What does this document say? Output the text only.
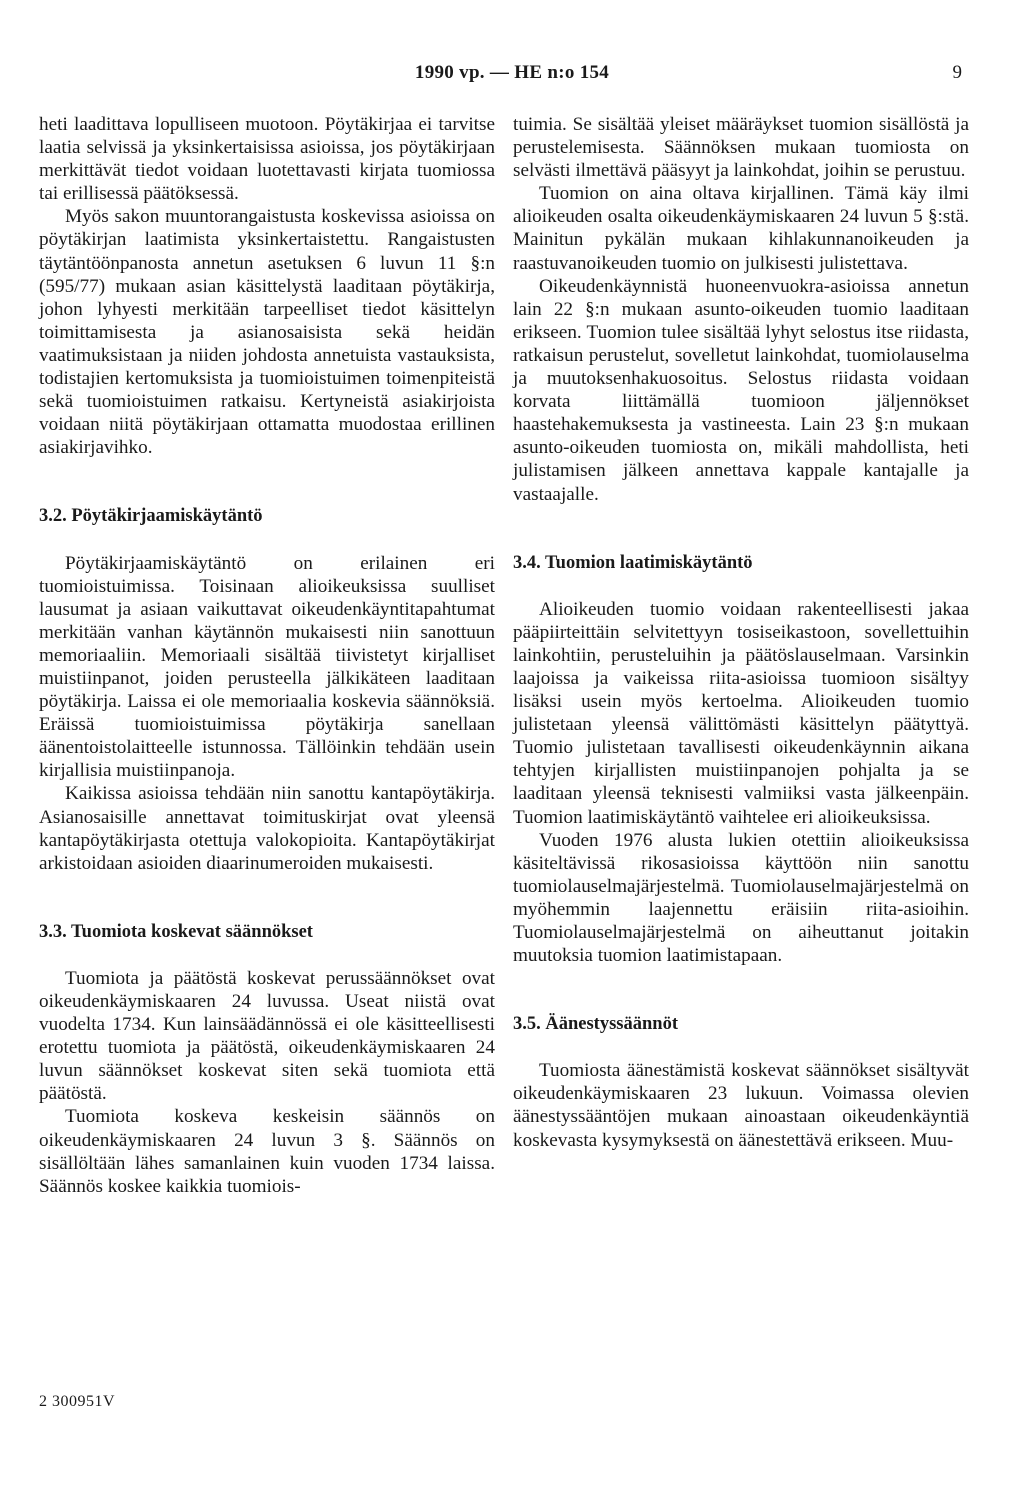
1990 vp. — HE n:o 154	9

heti laadittava lopulliseen muotoon. Pöytäkirjaa ei tarvitse laatia selvissä ja yksinkertaisissa asioissa, jos pöytäkirjaan merkittävät tiedot voidaan luotettavasti kirjata tuomiossa tai erillisessä päätöksessä.

Myös sakon muuntorangaistusta koskevissa asioissa on pöytäkirjan laatimista yksinkertaistettu. Rangaistusten täytäntöönpanosta annetun asetuksen 6 luvun 11 §:n (595/77) mukaan asian käsittelystä laaditaan pöytäkirja, johon lyhyesti merkitään tarpeelliset tiedot käsittelyn toimittamisesta ja asianosaisista sekä heidän vaatimuksistaan ja niiden johdosta annetuista vastauksista, todistajien kertomuksista ja tuomioistuimen toimenpiteistä sekä tuomioistuimen ratkaisu. Kertyneistä asiakirjoista voidaan niitä pöytäkirjaan ottamatta muodostaa erillinen asiakirjavihko.

3.2. Pöytäkirjaamiskäytäntö

Pöytäkirjaamiskäytäntö on erilainen eri tuomioistuimissa. Toisinaan alioikeuksissa suulliset lausumat ja asiaan vaikuttavat oikeudenkäyntitapahtumat merkitään vanhan käytännön mukaisesti niin sanottuun memoriaaliin. Memoriaali sisältää tiivistetyt kirjalliset muistiinpanot, joiden perusteella jälkikäteen laaditaan pöytäkirja. Laissa ei ole memoriaalia koskevia säännöksiä. Eräissä tuomioistuimissa pöytäkirja sanellaan äänentoistolaitteelle istunnossa. Tällöinkin tehdään usein kirjallisia muistiinpanoja.

Kaikissa asioissa tehdään niin sanottu kantapöytäkirja. Asianosaisille annettavat toimituskirjat ovat yleensä kantapöytäkirjasta otettuja valokopioita. Kantapöytäkirjat arkistoidaan asioiden diaarinumeroiden mukaisesti.

3.3. Tuomiota koskevat säännökset

Tuomiota ja päätöstä koskevat perussäännökset ovat oikeudenkäymiskaaren 24 luvussa. Useat niistä ovat vuodelta 1734. Kun lainsäädännössä ei ole käsitteellisesti erotettu tuomiota ja päätöstä, oikeudenkäymiskaaren 24 luvun säännökset koskevat siten sekä tuomiota että päätöstä.

Tuomiota koskeva keskeisin säännös on oikeudenkäymiskaaren 24 luvun 3 §. Säännös on sisällöltään lähes samanlainen kuin vuoden 1734 laissa. Säännös koskee kaikkia tuomiois-

tuimia. Se sisältää yleiset määräykset tuomion sisällöstä ja perustelemisesta. Säännöksen mukaan tuomiosta on selvästi ilmettävä pääsyyt ja lainkohdat, joihin se perustuu.

Tuomion on aina oltava kirjallinen. Tämä käy ilmi alioikeuden osalta oikeudenkäymiskaaren 24 luvun 5 §:stä. Mainitun pykälän mukaan kihlakunnanoikeuden ja raastuvanoikeuden tuomio on julkisesti julistettava.

Oikeudenkäynnistä huoneenvuokra-asioissa annetun lain 22 §:n mukaan asunto-oikeuden tuomio laaditaan erikseen. Tuomion tulee sisältää lyhyt selostus itse riidasta, ratkaisun perustelut, sovelletut lainkohdat, tuomiolauselma ja muutoksenhakuosoitus. Selostus riidasta voidaan korvata liittämällä tuomioon jäljennökset haastehakemuksesta ja vastineesta. Lain 23 §:n mukaan asunto-oikeuden tuomiosta on, mikäli mahdollista, heti julistamisen jälkeen annettava kappale kantajalle ja vastaajalle.

3.4. Tuomion laatimiskäytäntö

Alioikeuden tuomio voidaan rakenteellisesti jakaa pääpiirteittäin selvitettyyn tosiseikastoon, sovellettuihin lainkohtiin, perusteluihin ja päätöslauselmaan. Varsinkin laajoissa ja vaikeissa riita-asioissa tuomioon sisältyy lisäksi usein myös kertoelma. Alioikeuden tuomio julistetaan yleensä välittömästi käsittelyn päätyttyä. Tuomio julistetaan tavallisesti oikeudenkäynnin aikana tehtyjen kirjallisten muistiinpanojen pohjalta ja se laaditaan yleensä teknisesti valmiiksi vasta jälkeenpäin. Tuomion laatimiskäytäntö vaihtelee eri alioikeuksissa.

Vuoden 1976 alusta lukien otettiin alioikeuksissa käsiteltävissä rikosasioissa käyttöön niin sanottu tuomiolauselmajärjestelmä. Tuomiolauselmajärjestelmä on myöhemmin laajennettu eräisiin riita-asioihin. Tuomiolauselmajärjestelmä on aiheuttanut joitakin muutoksia tuomion laatimistapaan.

3.5. Äänestyssäännöt

Tuomiosta äänestämistä koskevat säännökset sisältyvät oikeudenkäymiskaaren 23 lukuun. Voimassa olevien äänestyssääntöjen mukaan ainoastaan oikeudenkäyntiä koskevasta kysymyksestä on äänestettävä erikseen. Muu-

2 300951V
